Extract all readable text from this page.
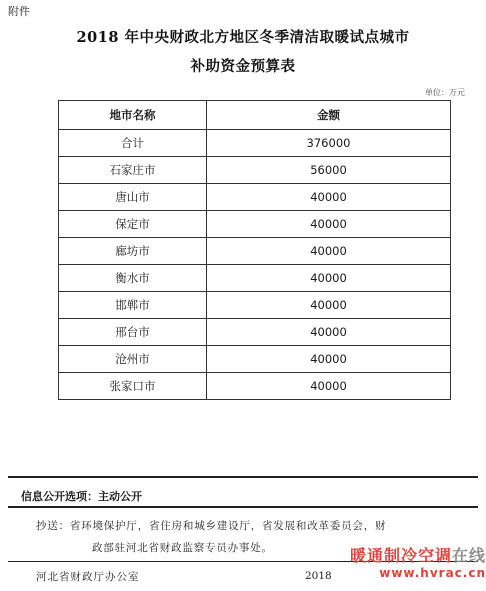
附件
2018 年中央财政北方地区冬季清洁取暖试点城市
补助资金预算表
单位：万元
地市名称	金额
合计	376000
石家庄市	56000
唐山市	40000
保定市	40000
廊坊市	40000
衡水市	40000
邯郸市	40000
邢台市	40000
沧州市	40000
张家口市	40000
信息公开选项：主动公开
抄送：省环境保护厅，省住房和城乡建设厅，省发展和改革委员会，财
政部驻河北省财政监察专员办事处。
河北省财政厅办公室	2018
暖通制冷空调在线
www.hvrac.cn
